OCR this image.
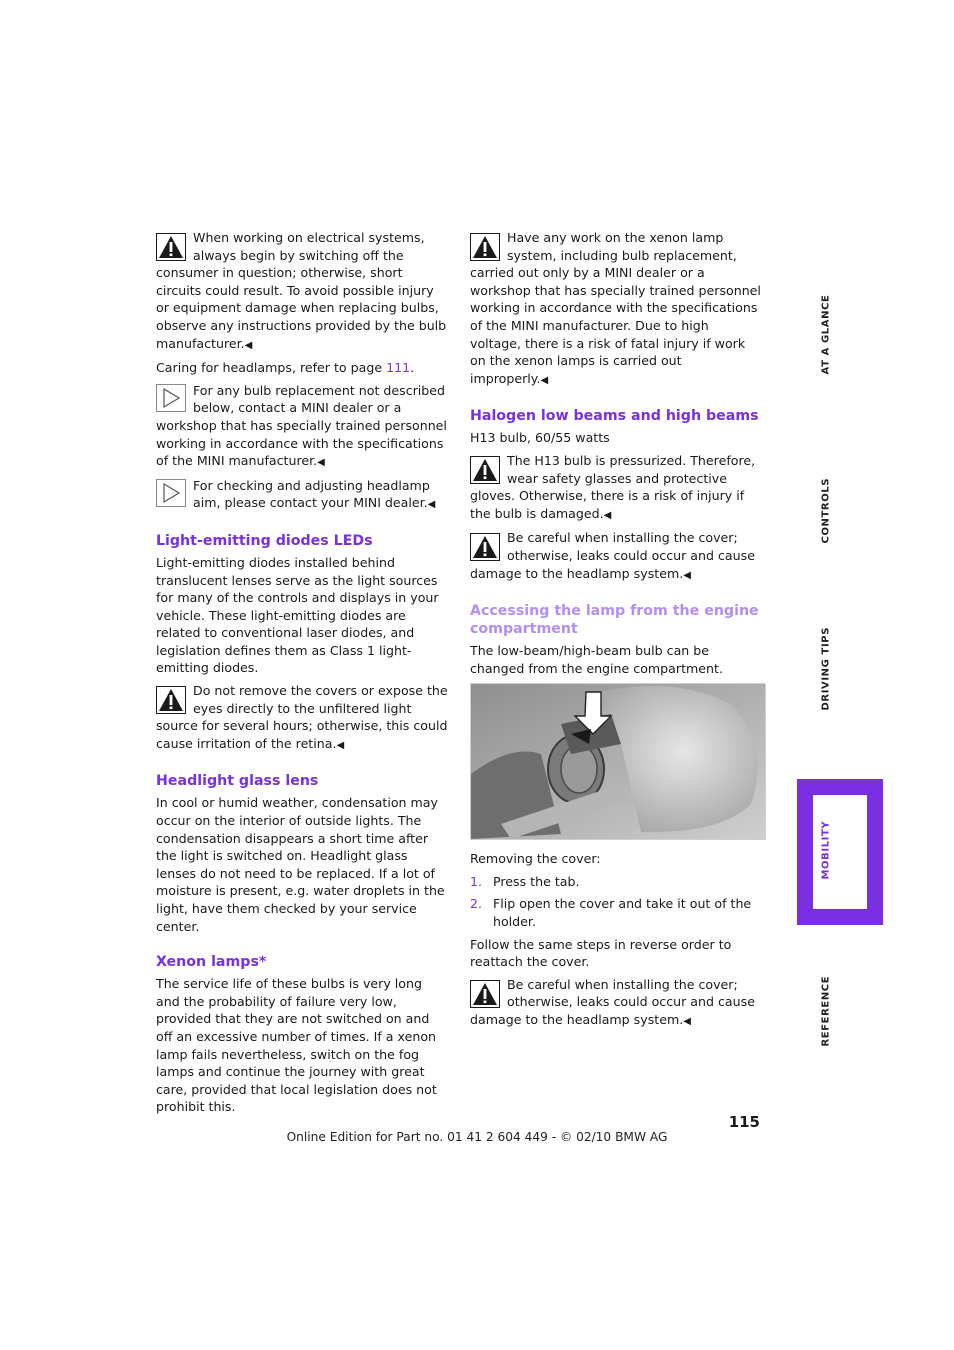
When working on electrical systems, always begin by switching off the consumer in question; otherwise, short circuits could result. To avoid possible injury or equipment damage when replacing bulbs, observe any instructions provided by the bulb manufacturer.◀

Caring for headlamps, refer to page 111.

For any bulb replacement not described below, contact a MINI dealer or a workshop that has specially trained personnel working in accordance with the specifications of the MINI manufacturer.◀
For checking and adjusting headlamp aim, please contact your MINI dealer.◀
Light-emitting diodes LEDs

Light-emitting diodes installed behind translucent lenses serve as the light sources for many of the controls and displays in your vehicle. These light-emitting diodes are related to conventional laser diodes, and legislation defines them as Class 1 light-emitting diodes.

Do not remove the covers or expose the eyes directly to the unfiltered light source for several hours; otherwise, this could cause irritation of the retina.◀
Headlight glass lens

In cool or humid weather, condensation may occur on the interior of outside lights. The condensation disappears a short time after the light is switched on. Headlight glass lenses do not need to be replaced. If a lot of moisture is present, e.g. water droplets in the light, have them checked by your service center.

Xenon lamps*

The service life of these bulbs is very long and the probability of failure very low, provided that they are not switched on and off an excessive number of times. If a xenon lamp fails nevertheless, switch on the fog lamps and continue the journey with great care, provided that local legislation does not prohibit this.

Have any work on the xenon lamp system, including bulb replacement, carried out only by a MINI dealer or a workshop that has specially trained personnel working in accordance with the specifications of the MINI manufacturer. Due to high voltage, there is a risk of fatal injury if work on the xenon lamps is carried out improperly.◀
Halogen low beams and high beams

H13 bulb, 60/55 watts

The H13 bulb is pressurized. Therefore, wear safety glasses and protective gloves. Otherwise, there is a risk of injury if the bulb is damaged.◀
Be careful when installing the cover; otherwise, leaks could occur and cause damage to the headlamp system.◀
Accessing the lamp from the engine compartment

The low-beam/high-beam bulb can be changed from the engine compartment.

Removing the cover:

1. Press the tab.
2. Flip open the cover and take it out of the holder.

Follow the same steps in reverse order to reattach the cover.

Be careful when installing the cover; otherwise, leaks could occur and cause damage to the headlamp system.◀
AT A GLANCE
CONTROLS
DRIVING TIPS
MOBILITY
REFERENCE
115
Online Edition for Part no. 01 41 2 604 449 - © 02/10 BMW AG
